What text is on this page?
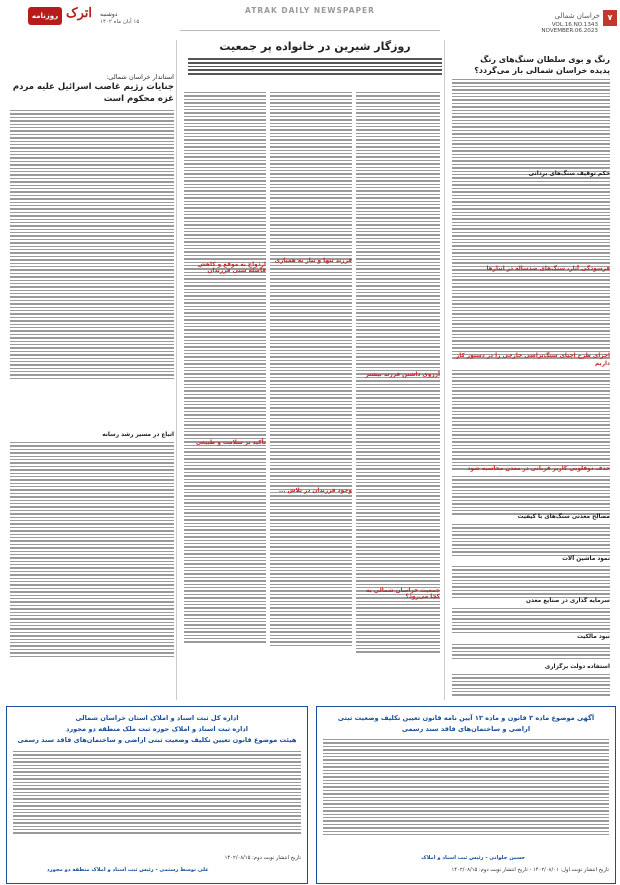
۷
خراسان شمالی
VOL.16.NO.1343
NOVEMBER.06.2023
ATRAK DAILY NEWSPAPER
روزنامه اترک دوشنبه
۱۵ آبان ماه ۱۴۰۲
رنگ و بوی سلطان سنگ‌های رنگ پدیده خراسان شمالی باز می‌گردد؟
حکم توقیف سنگ‌های بردانی
فرسودگی آثار، سنگ‌های صدساله در انبارها
اجرای طرح احیای سنگ‌تراشی خارجی را در دستور کار داریم
حذف دوقلویی کاریز قربانی در معدن محاسبه شود
مصالح معدنی سنگ‌های با کیفیت
نمود ماشین آلات
سرمایه گذاری در صنایع معدن
نبود مالکیت
استفاده دولت برگزاری
روزگار شیرین در خانواده پر جمعیت
آرزوی داشتن فرزند بیشتر
جمعیت خراسان شمالی به کجا می‌رود؟
فرزند تنها و نیاز به همبازی
وجود فرزندان در تلاش ...
ازدواج به موقع و کاهش فاصله سنی فرزندان
تأکید بر سلامت و طبیعی
استاندار خراسان شمالی:
جنایات رژیم غاصب اسرائیل علیه مردم غزه محکوم است
اتباع در مسیر رشد رسانه
آگهی موضوع ماده ۳ قانون و ماده ۱۳ آیین نامه قانون تعیین تکلیف وضعیت ثبتی
اراضی و ساختمان‌های فاقد سند رسمی
حسین جلوانی - رئیس ثبت اسناد و املاک
تاریخ انتشار نوبت اول: ۱۴۰۲/۰۸/۰۱ - تاریخ انتشار نوبت دوم: ۱۴۰۲/۰۸/۱۵
اداره کل ثبت اسناد و املاک استان خراسان شمالی
اداره ثبت اسناد و املاک حوزه ثبت ملک منطقه دو مجورد
هیئت موضوع قانون تعیین تکلیف وضعیت ثبتی اراضی و ساختمان‌های فاقد سند رسمی
تاریخ انتشار نوبت دوم: ۱۴۰۲/۰۸/۱۵
علی توسط رستمی - رئیس ثبت اسناد و املاک منطقه دو مجورد
